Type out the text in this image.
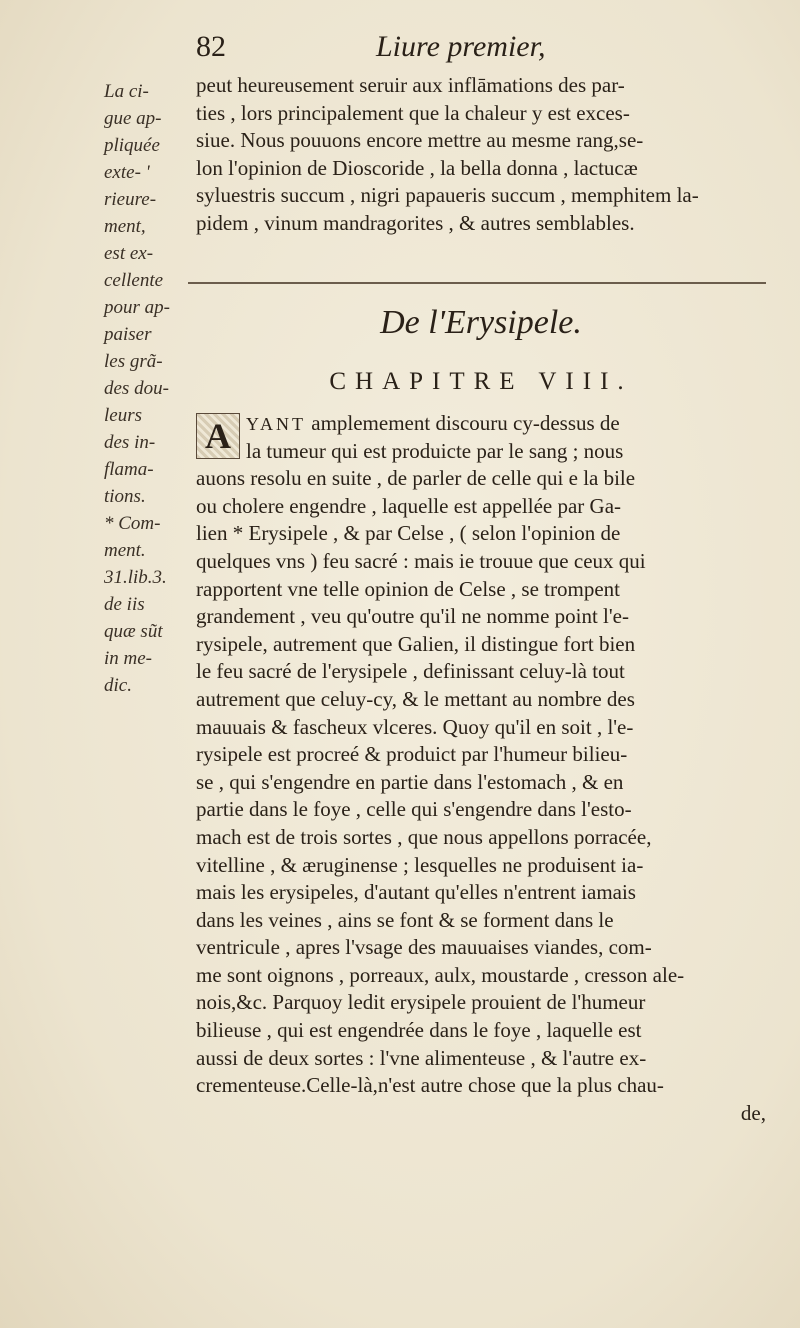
82	Liure premier,
La ci-
gue ap-
pliquée
exte- '
rieure-
ment,
est ex-
cellente
pour ap-
paiser
les grã-
des dou-
leurs
des in-
flama-
tions.
* Com-
ment.
31.lib.3.
de iis
quæ sũt
in me-
dic.
peut heureusement seruir aux inflāmations des par-
ties , lors principalement que la chaleur y est exces-
siue. Nous pouuons encore mettre au mesme rang,se-
lon l'opinion de Dioscoride , la bella donna , lactucæ
syluestris succum , nigri papaueris succum , memphitem la-
pidem , vinum mandragorites , & autres semblables.
De l'Erysipele.
CHAPITRE VIII.
A YANT amplemement discouru cy-dessus de
la tumeur qui est produicte par le sang ; nous
auons resolu en suite , de parler de celle qui e la bile
ou cholere engendre , laquelle est appellée par Ga-
lien * Erysipele , & par Celse , ( selon l'opinion de
quelques vns ) feu sacré : mais ie trouue que ceux qui
rapportent vne telle opinion de Celse , se trompent
grandement , veu qu'outre qu'il ne nomme point l'e-
rysipele, autrement que Galien, il distingue fort bien
le feu sacré de l'erysipele , definissant celuy-là tout
autrement que celuy-cy, & le mettant au nombre des
mauuais & fascheux vlceres. Quoy qu'il en soit , l'e-
rysipele est procreé & produict par l'humeur bilieu-
se , qui s'engendre en partie dans l'estomach , & en
partie dans le foye , celle qui s'engendre dans l'esto-
mach est de trois sortes , que nous appellons porracée,
vitelline , & æruginense ; lesquelles ne produisent ia-
mais les erysipeles, d'autant qu'elles n'entrent iamais
dans les veines , ains se font & se forment dans le
ventricule , apres l'vsage des mauuaises viandes, com-
me sont oignons , porreaux, aulx, moustarde , cresson ale-
nois,&c. Parquoy ledit erysipele prouient de l'humeur
bilieuse , qui est engendrée dans le foye , laquelle est
aussi de deux sortes : l'vne alimenteuse , & l'autre ex-
crementeuse.Celle-là,n'est autre chose que la plus chau-
de,
